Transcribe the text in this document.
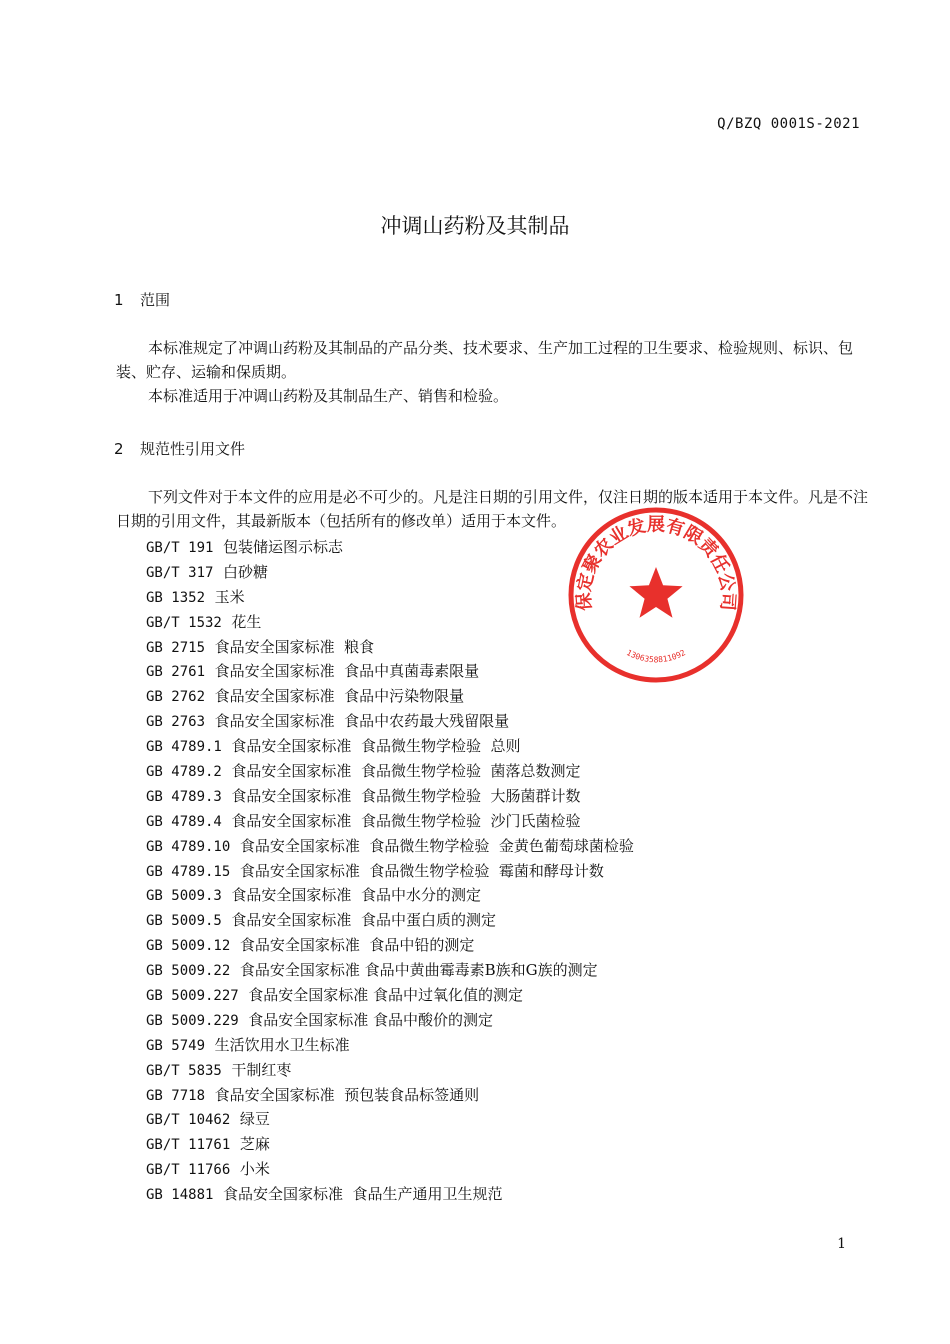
Q/BZQ 0001S-2021
冲调山药粉及其制品
1 范围
本标准规定了冲调山药粉及其制品的产品分类、技术要求、生产加工过程的卫生要求、检验规则、标识、包装、贮存、运输和保质期。
本标准适用于冲调山药粉及其制品生产、销售和检验。
2 规范性引用文件
下列文件对于本文件的应用是必不可少的。凡是注日期的引用文件，仅注日期的版本适用于本文件。凡是不注日期的引用文件，其最新版本（包括所有的修改单）适用于本文件。
GB/T 191 包装储运图示标志
GB/T 317 白砂糖
GB 1352 玉米
GB/T 1532 花生
GB 2715 食品安全国家标准  粮食
GB 2761 食品安全国家标准  食品中真菌毒素限量
GB 2762 食品安全国家标准  食品中污染物限量
GB 2763 食品安全国家标准  食品中农药最大残留限量
GB 4789.1 食品安全国家标准  食品微生物学检验  总则
GB 4789.2 食品安全国家标准  食品微生物学检验  菌落总数测定
GB 4789.3 食品安全国家标准  食品微生物学检验  大肠菌群计数
GB 4789.4 食品安全国家标准  食品微生物学检验  沙门氏菌检验
GB 4789.10 食品安全国家标准  食品微生物学检验  金黄色葡萄球菌检验
GB 4789.15 食品安全国家标准  食品微生物学检验  霉菌和酵母计数
GB 5009.3 食品安全国家标准  食品中水分的测定
GB 5009.5 食品安全国家标准  食品中蛋白质的测定
GB 5009.12 食品安全国家标准  食品中铅的测定
GB 5009.22 食品安全国家标准 食品中黄曲霉毒素B族和G族的测定
GB 5009.227 食品安全国家标准 食品中过氧化值的测定
GB 5009.229 食品安全国家标准 食品中酸价的测定
GB 5749 生活饮用水卫生标准
GB/T 5835 干制红枣
GB 7718 食品安全国家标准  预包装食品标签通则
GB/T 10462 绿豆
GB/T 11761 芝麻
GB/T 11766 小米
GB 14881 食品安全国家标准  食品生产通用卫生规范
保定聚农业发展有限责任公司
1306358811092
1
